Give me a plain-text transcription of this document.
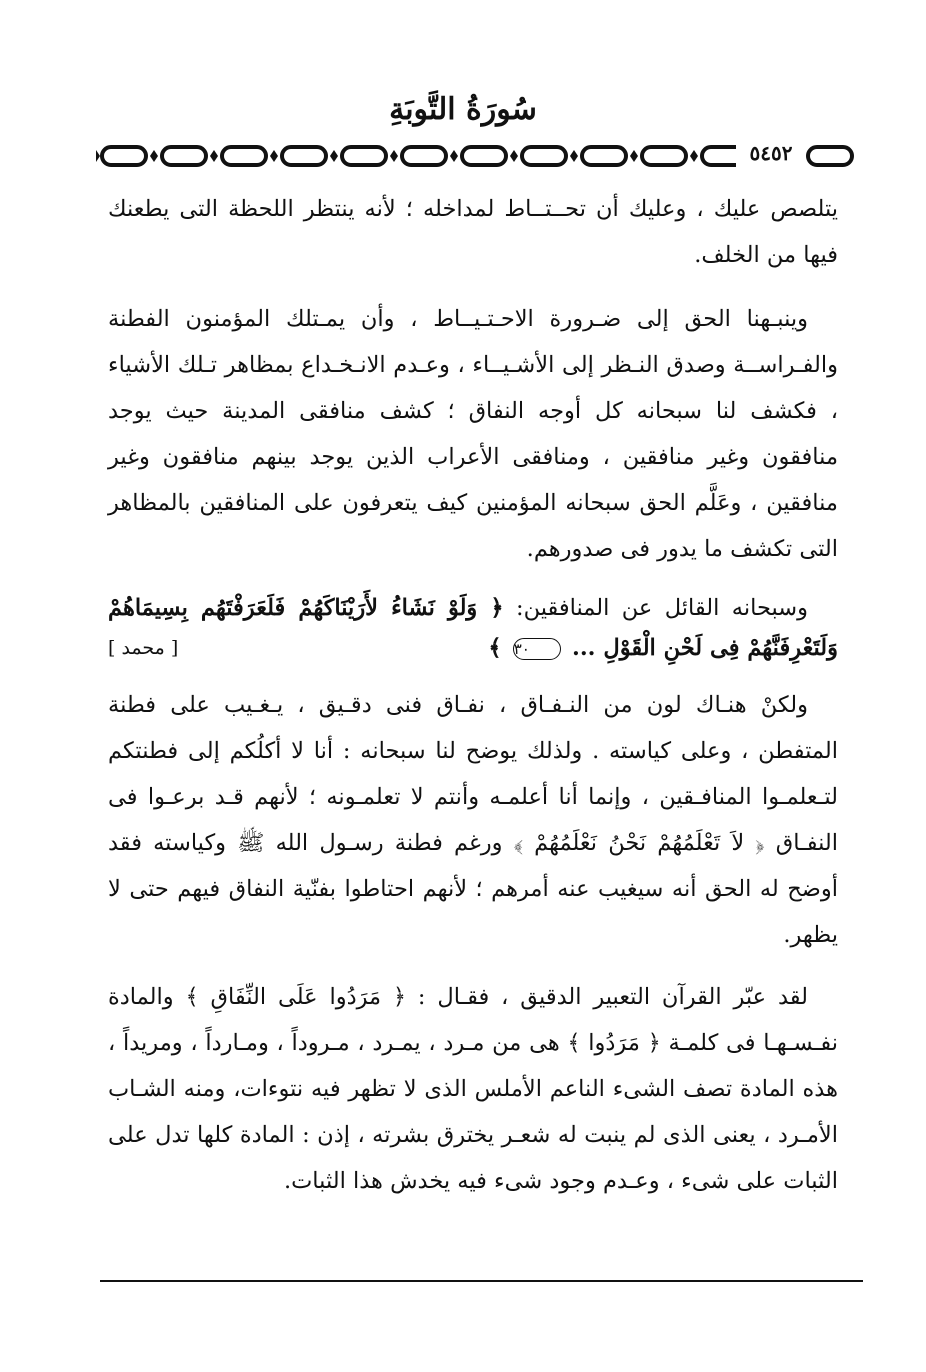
سُورَةُ التَّوبَةِ
٥٤٥٢

يتلصص عليك ، وعليك أن تحــتــاط لمداخله ؛ لأنه ينتظر اللحظة التى يطعنك فيها من الخلف.

وينبـهنا الحق إلى ضـرورة الاحـتـيــاط ، وأن يمـتلك المؤمنون الفطنة والفـراســة وصدق النـظر إلى الأشـيــاء ، وعـدم الانـخـداع بمظاهر تـلك الأشياء ، فكشف لنا سبحانه كل أوجه النفاق ؛ كشف منافقى المدينة حيث يوجد منافقون وغير منافقين ، ومنافقى الأعراب الذين يوجد بينهم منافقون وغير منافقين ، وعَلَّم الحق سبحانه المؤمنين كيف يتعرفون على المنافقين بالمظاهر التى تكشف ما يدور فى صدورهم.

وسبحانه القائل عن المنافقين: ﴿ وَلَوْ نَشَاءُ لأَرَيْنَاكَهُمْ فَلَعَرَفْتَهُم بِسِيمَاهُمْ وَلَتَعْرِفَنَّهُمْ فِى لَحْنِ الْقَوْلِ ... ٣٠ ﴾
[ محمد ]

ولكنْ هنـاك لون من النـفـاق ، نفـاق فنى دقـيق ، يـغـيب على فطنة المتفطن ، وعلى كياسته . ولذلك يوضح لنا سبحانه : أنا لا أكلُكم إلى فطنتكم لتـعلمـوا المنافـقين ، وإنما أنا أعلمـه وأنتم لا تعلمـونه ؛ لأنهم قـد برعـوا فى النفـاق ﴿ لاَ تَعْلَمُهُمْ نَحْنُ نَعْلَمُهُمْ ﴾ ورغم فطنة رسـول الله ﷺ وكياسته فقد أوضح له الحق أنه سيغيب عنه أمرهم ؛ لأنهم احتاطوا بفنّية النفاق فيهم حتى لا يظهر.

لقد عبّر القرآن التعبير الدقيق ، فقـال : ﴿ مَرَدُوا عَلَى النِّفَاقِ ﴾ والمادة نفـسـهـا فى كلمـة ﴿ مَرَدُوا ﴾ هى من مـرد ، يمـرد ، مـروداً ، ومـارداً ، ومريداً ، هذه المادة تصف الشىء الناعم الأملس الذى لا تظهر فيه نتوءات، ومنه الشـاب الأمـرد ، يعنى الذى لم ينبت له شعـر يخترق بشرته ، إذن : المادة كلها تدل على الثبات على شىء ، وعـدم وجود شىء فيه يخدش هذا الثبات.
